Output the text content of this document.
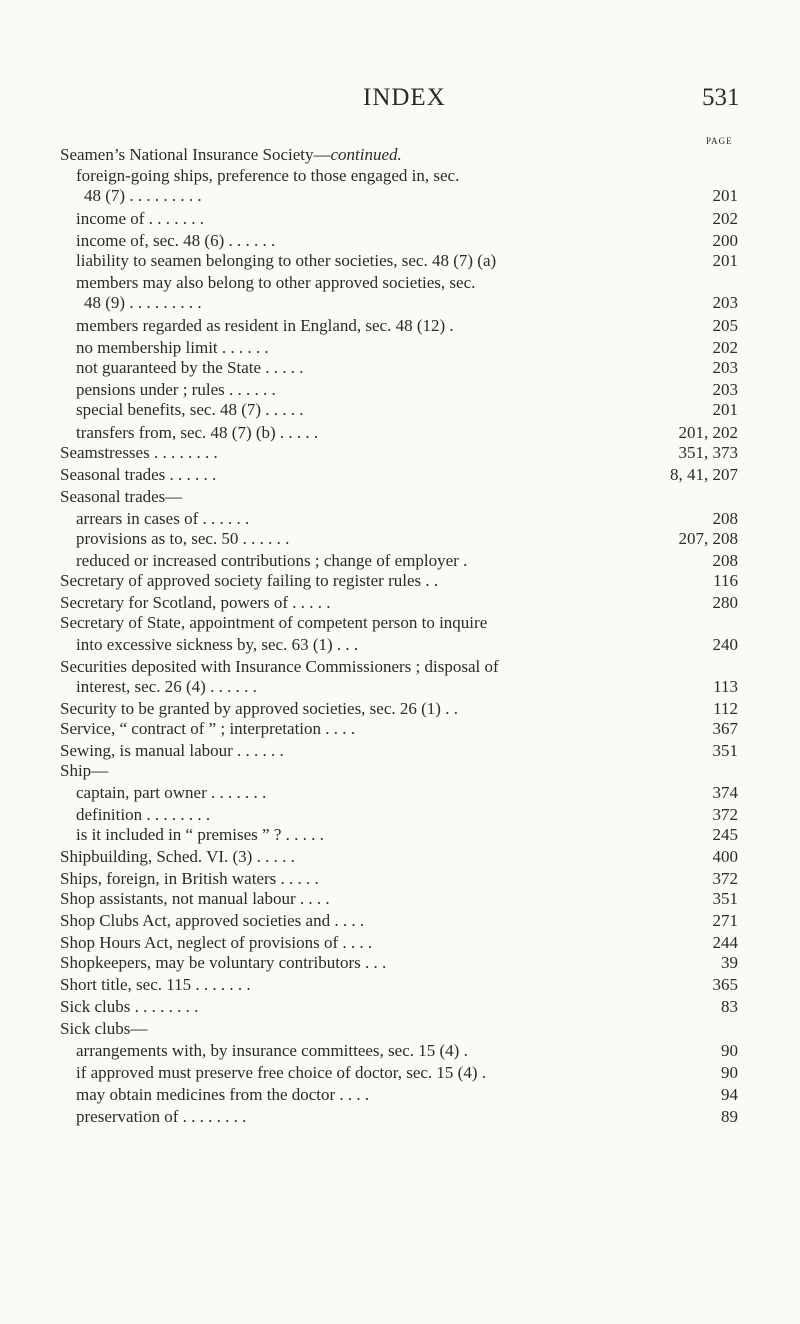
INDEX	531
PAGE
Seamen’s National Insurance Society—continued.
foreign-going ships, preference to those engaged in, sec.
48 (7) . . . . . . . . .	201
income of . . . . . . .	202
income of, sec. 48 (6) . . . . . .	200
liability to seamen belonging to other societies, sec. 48 (7) (a)	201
members may also belong to other approved societies, sec.
48 (9) . . . . . . . . .	203
members regarded as resident in England, sec. 48 (12) .	205
no membership limit . . . . . .	202
not guaranteed by the State . . . . .	203
pensions under ; rules . . . . . .	203
special benefits, sec. 48 (7) . . . . .	201
transfers from, sec. 48 (7) (b) . . . . .	201, 202
Seamstresses . . . . . . . .	351, 373
Seasonal trades . . . . . .	8, 41, 207
Seasonal trades—
arrears in cases of . . . . . .	208
provisions as to, sec. 50 . . . . . .	207, 208
reduced or increased contributions ; change of employer .	208
Secretary of approved society failing to register rules . .	116
Secretary for Scotland, powers of . . . . .	280
Secretary of State, appointment of competent person to inquire
into excessive sickness by, sec. 63 (1) . . .	240
Securities deposited with Insurance Commissioners ; disposal of
interest, sec. 26 (4) . . . . . .	113
Security to be granted by approved societies, sec. 26 (1) . .	112
Service, “ contract of ” ; interpretation . . . .	367
Sewing, is manual labour . . . . . .	351
Ship—
captain, part owner . . . . . . .	374
definition . . . . . . . .	372
is it included in “ premises ” ? . . . . .	245
Shipbuilding, Sched. VI. (3) . . . . .	400
Ships, foreign, in British waters . . . . .	372
Shop assistants, not manual labour . . . .	351
Shop Clubs Act, approved societies and . . . .	271
Shop Hours Act, neglect of provisions of . . . .	244
Shopkeepers, may be voluntary contributors . . .	39
Short title, sec. 115 . . . . . . .	365
Sick clubs . . . . . . . .	83
Sick clubs—
arrangements with, by insurance committees, sec. 15 (4) .	90
if approved must preserve free choice of doctor, sec. 15 (4) .	90
may obtain medicines from the doctor . . . .	94
preservation of . . . . . . . .	89
